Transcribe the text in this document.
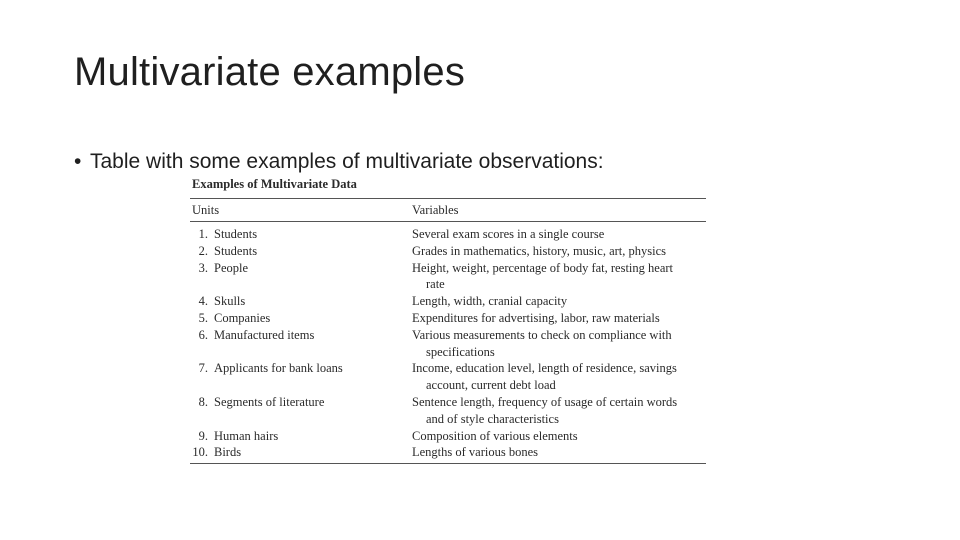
Multivariate examples
• Table with some examples of multivariate observations:
Examples of Multivariate Data
Units	Variables
1. Students	Several exam scores in a single course
2. Students	Grades in mathematics, history, music, art, physics
3. People	Height, weight, percentage of body fat, resting heart
rate
4. Skulls	Length, width, cranial capacity
5. Companies	Expenditures for advertising, labor, raw materials
6. Manufactured items	Various measurements to check on compliance with
specifications
7. Applicants for bank loans	Income, education level, length of residence, savings
account, current debt load
8. Segments of literature	Sentence length, frequency of usage of certain words
and of style characteristics
9. Human hairs	Composition of various elements
10. Birds	Lengths of various bones
